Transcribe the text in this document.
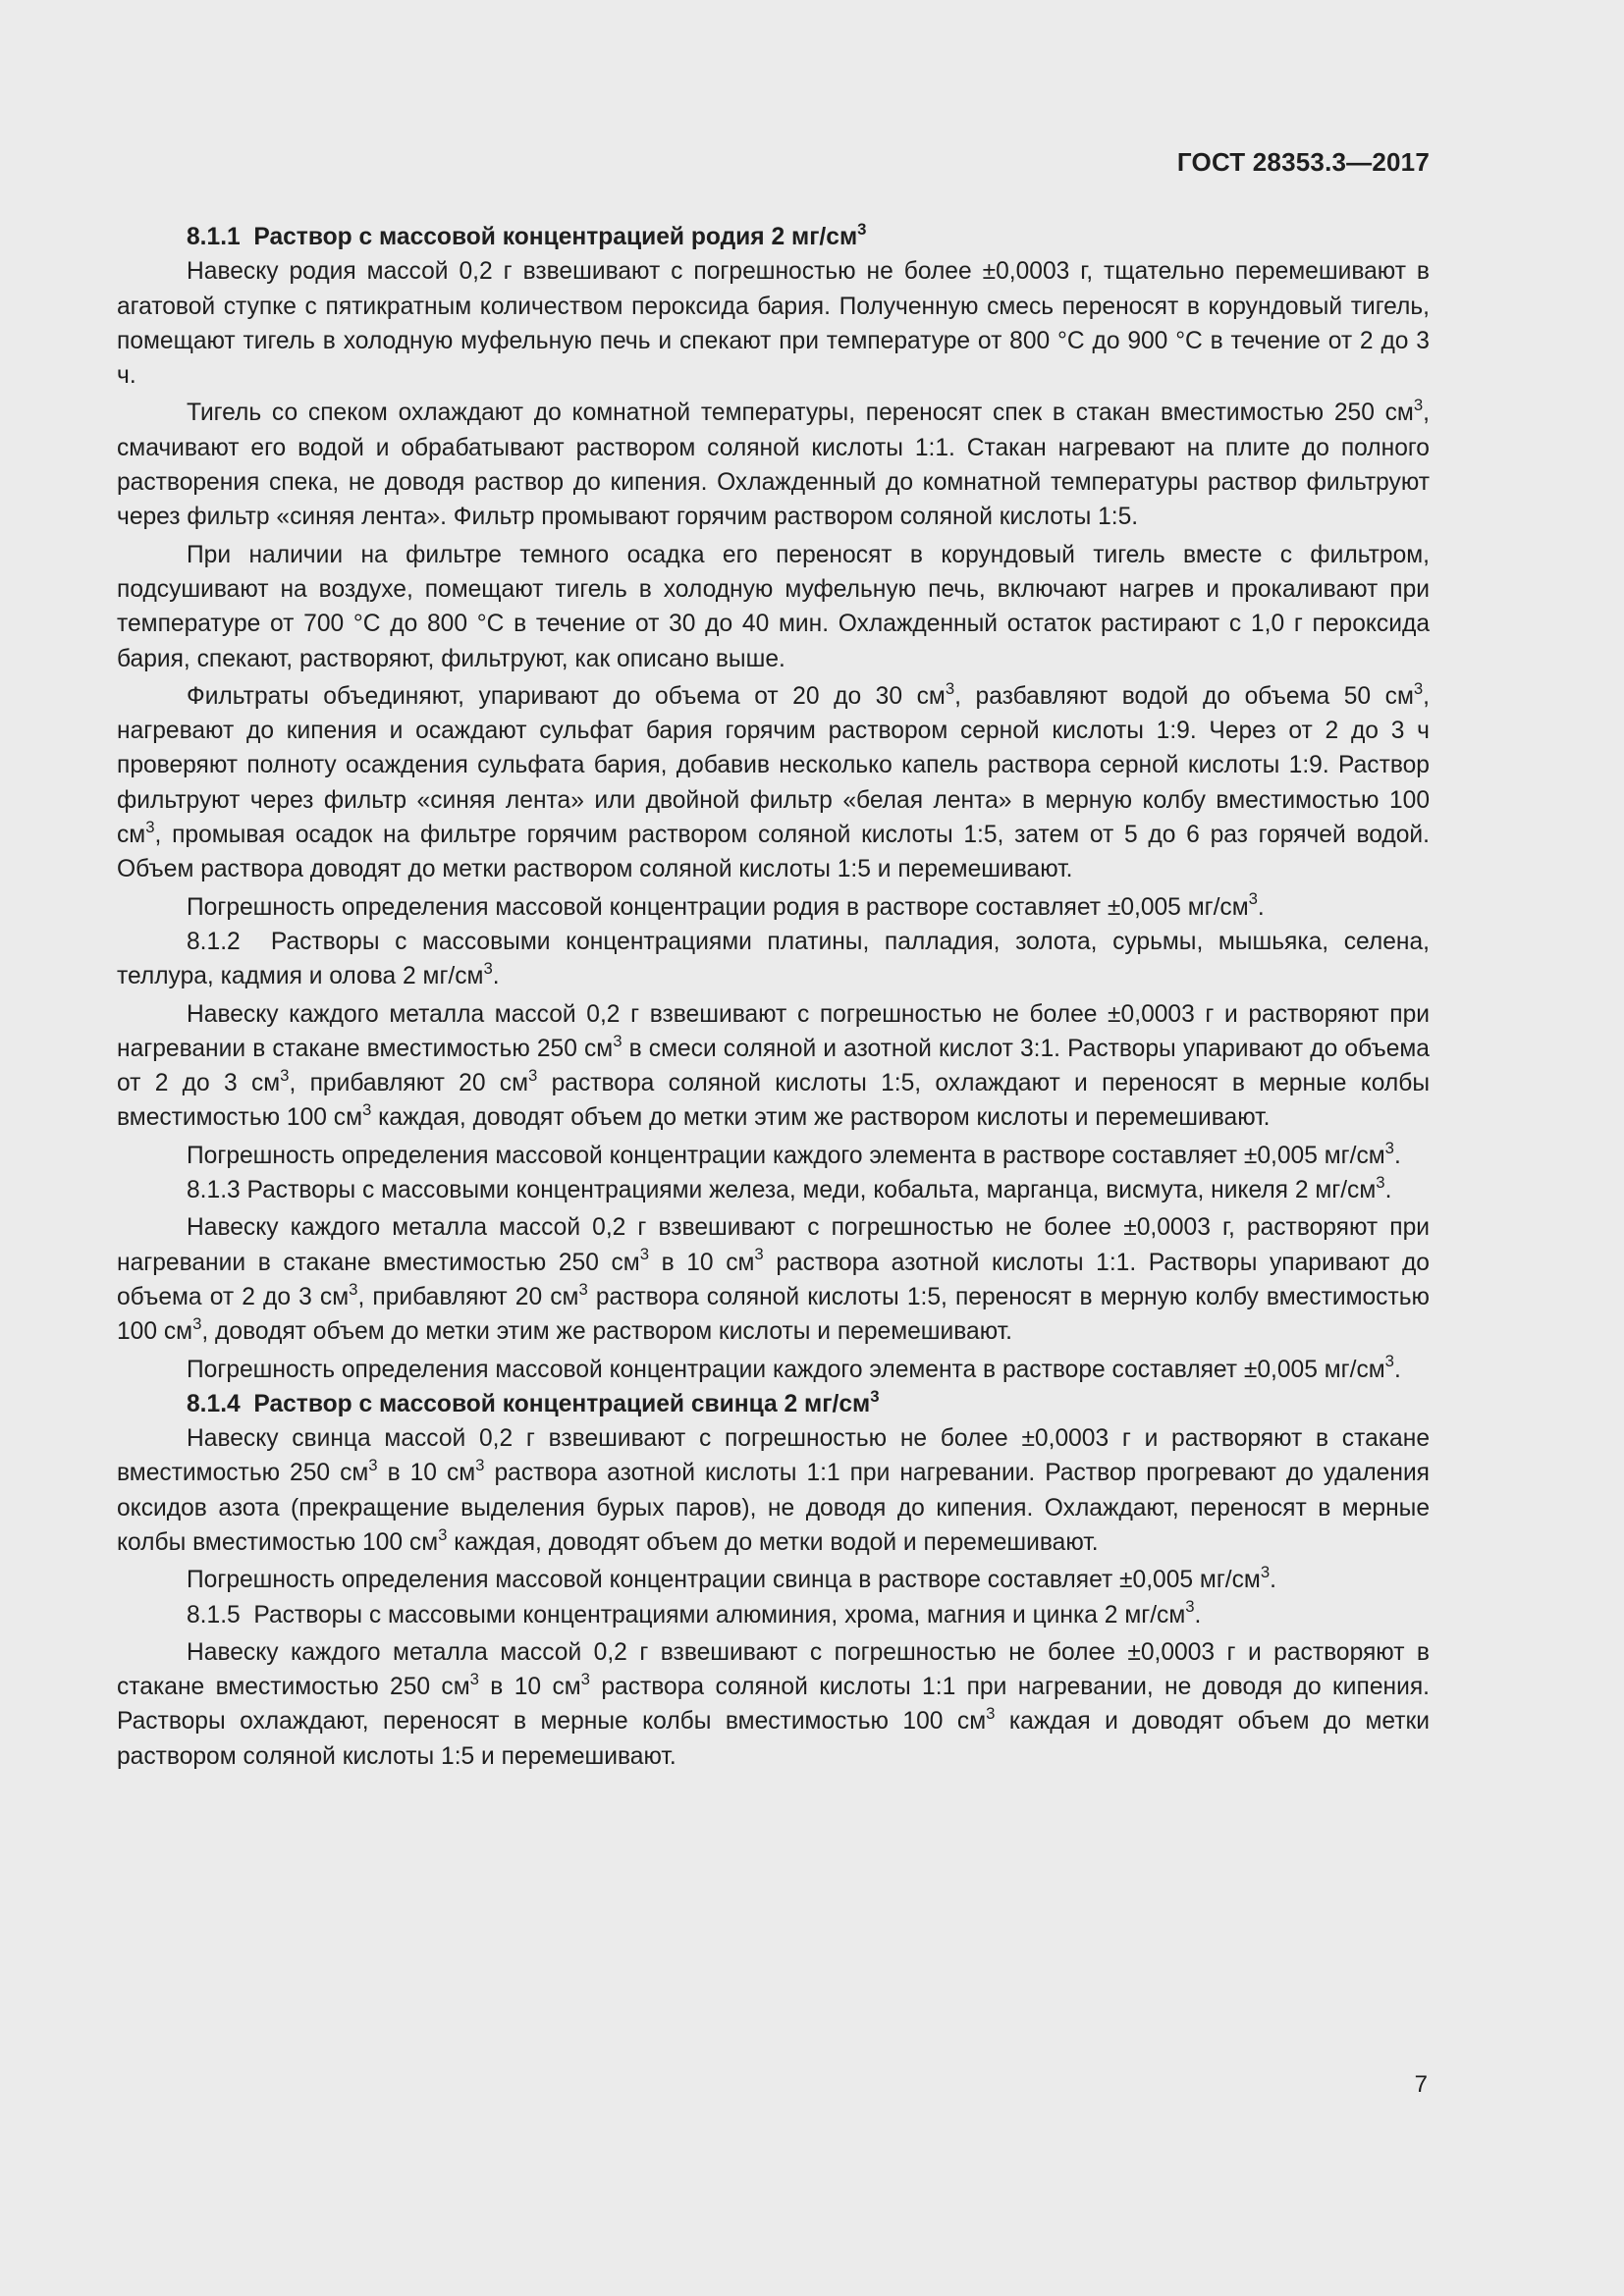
ГОСТ 28353.3—2017

8.1.1  Раствор с массовой концентрацией родия 2 $мг/см^3$

Навеску родия массой 0,2 г взвешивают с погрешностью не более ±0,0003 г, тщательно перемешивают в агатовой ступке с пятикратным количеством пероксида бария. Полученную смесь переносят в корундовый тигель, помещают тигель в холодную муфельную печь и спекают при температуре от 800 °С до 900 °С в течение от 2 до 3 ч.

Тигель со спеком охлаждают до комнатной температуры, переносят спек в стакан вместимостью 250 $см^3$, смачивают его водой и обрабатывают раствором соляной кислоты 1:1. Стакан нагревают на плите до полного растворения спека, не доводя раствор до кипения. Охлажденный до комнатной температуры раствор фильтруют через фильтр «синяя лента». Фильтр промывают горячим раствором соляной кислоты 1:5.

При наличии на фильтре темного осадка его переносят в корундовый тигель вместе с фильтром, подсушивают на воздухе, помещают тигель в холодную муфельную печь, включают нагрев и прокаливают при температуре от 700 °С до 800 °С в течение от 30 до 40 мин. Охлажденный остаток растирают с 1,0 г пероксида бария, спекают, растворяют, фильтруют, как описано выше.

Фильтраты объединяют, упаривают до объема от 20 до 30 $см^3$, разбавляют водой до объема 50 $см^3$, нагревают до кипения и осаждают сульфат бария горячим раствором серной кислоты 1:9. Через от 2 до 3 ч проверяют полноту осаждения сульфата бария, добавив несколько капель раствора серной кислоты 1:9. Раствор фильтруют через фильтр «синяя лента» или двойной фильтр «белая лента» в мерную колбу вместимостью 100 $см^3$, промывая осадок на фильтре горячим раствором соляной кислоты 1:5, затем от 5 до 6 раз горячей водой. Объем раствора доводят до метки раствором соляной кислоты 1:5 и перемешивают.

Погрешность определения массовой концентрации родия в растворе составляет ±0,005 $мг/см^3$.

8.1.2  Растворы с массовыми концентрациями платины, палладия, золота, сурьмы, мышьяка, селена, теллура, кадмия и олова 2 $мг/см^3$.

Навеску каждого металла массой 0,2 г взвешивают с погрешностью не более ±0,0003 г и растворяют при нагревании в стакане вместимостью 250 $см^3$ в смеси соляной и азотной кислот 3:1. Растворы упаривают до объема от 2 до 3 $см^3$, прибавляют 20 $см^3$ раствора соляной кислоты 1:5, охлаждают и переносят в мерные колбы вместимостью 100 $см^3$ каждая, доводят объем до метки этим же раствором кислоты и перемешивают.

Погрешность определения массовой концентрации каждого элемента в растворе составляет ±0,005 $мг/см^3$.

8.1.3 Растворы с массовыми концентрациями железа, меди, кобальта, марганца, висмута, никеля 2 $мг/см^3$.

Навеску каждого металла массой 0,2 г взвешивают с погрешностью не более ±0,0003 г, растворяют при нагревании в стакане вместимостью 250 $см^3$ в 10 $см^3$ раствора азотной кислоты 1:1. Растворы упаривают до объема от 2 до 3 $см^3$, прибавляют 20 $см^3$ раствора соляной кислоты 1:5, переносят в мерную колбу вместимостью 100 $см^3$, доводят объем до метки этим же раствором кислоты и перемешивают.

Погрешность определения массовой концентрации каждого элемента в растворе составляет ±0,005 $мг/см^3$.

8.1.4  Раствор с массовой концентрацией свинца 2 $мг/см^3$

Навеску свинца массой 0,2 г взвешивают с погрешностью не более ±0,0003 г и растворяют в стакане вместимостью 250 $см^3$ в 10 $см^3$ раствора азотной кислоты 1:1 при нагревании. Раствор прогревают до удаления оксидов азота (прекращение выделения бурых паров), не доводя до кипения. Охлаждают, переносят в мерные колбы вместимостью 100 $см^3$ каждая, доводят объем до метки водой и перемешивают.

Погрешность определения массовой концентрации свинца в растворе составляет ±0,005 $мг/см^3$.

8.1.5  Растворы с массовыми концентрациями алюминия, хрома, магния и цинка 2 $мг/см^3$.

Навеску каждого металла массой 0,2 г взвешивают с погрешностью не более ±0,0003 г и растворяют в стакане вместимостью 250 $см^3$ в 10 $см^3$ раствора соляной кислоты 1:1 при нагревании, не доводя до кипения. Растворы охлаждают, переносят в мерные колбы вместимостью 100 $см^3$ каждая и доводят объем до метки раствором соляной кислоты 1:5 и перемешивают.

7
